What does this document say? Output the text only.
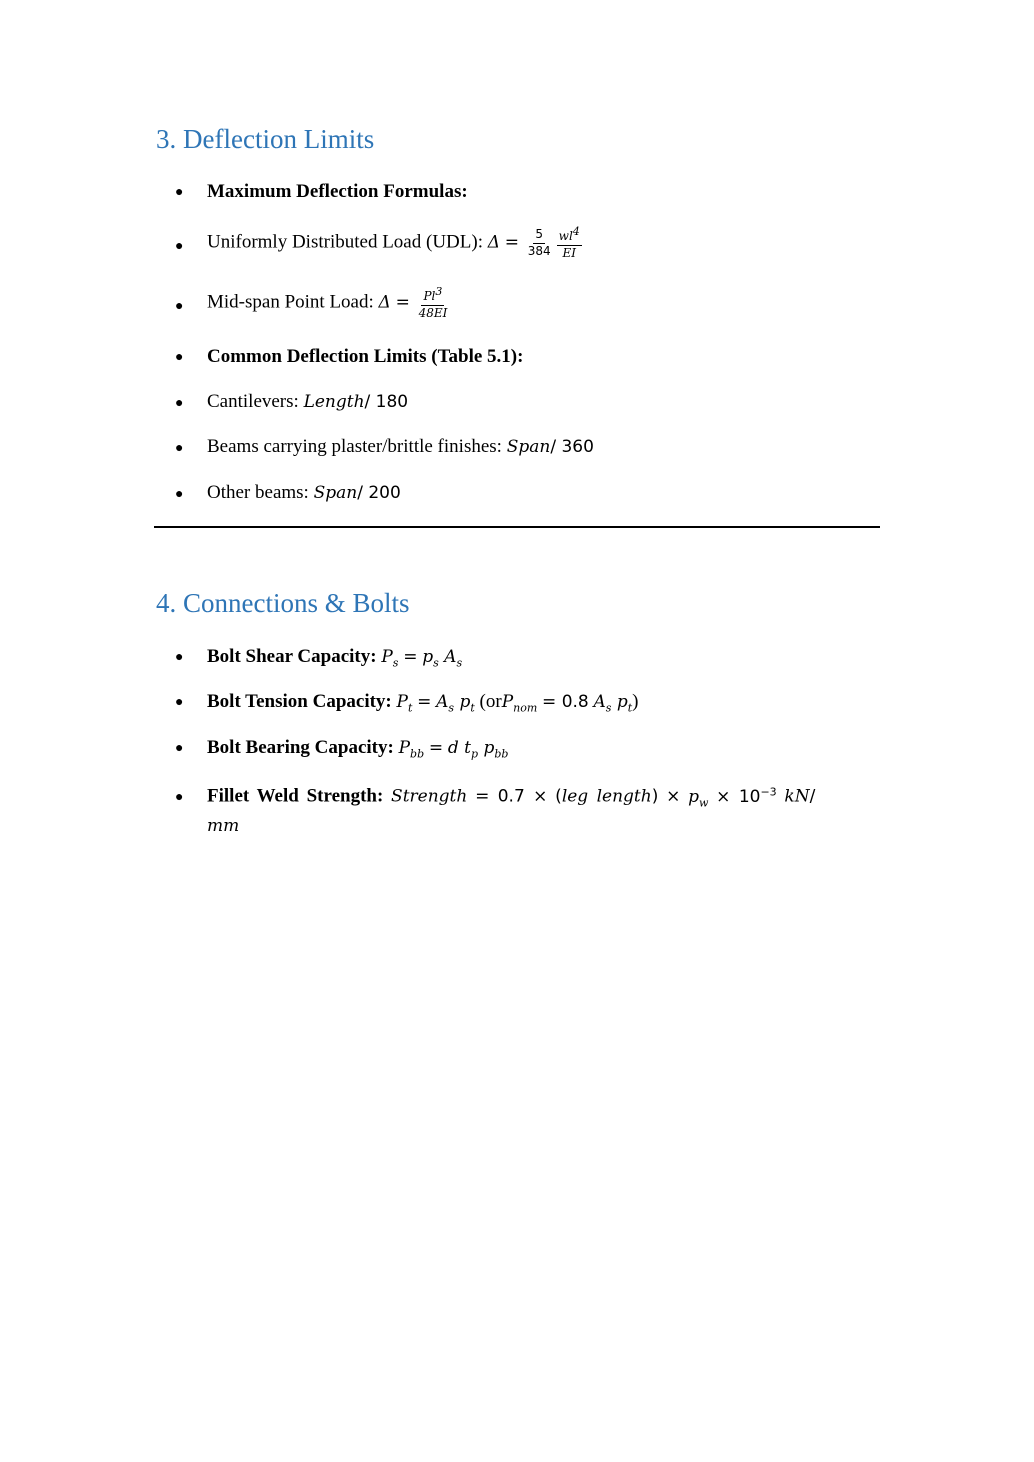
3. Deflection Limits
● Maximum Deflection Formulas:
● Uniformly Distributed Load (UDL): $\Delta = \frac{5}{384} \frac{wl^4}{EI}$
● Mid-span Point Load: $\Delta = \frac{Pl^3}{48EI}$
● Common Deflection Limits (Table 5.1):
● Cantilevers: Length/ 180
● Beams carrying plaster/brittle finishes: Span/ 360
● Other beams: Span/ 200
4. Connections & Bolts
● Bolt Shear Capacity: $P_s = p_s$ $A_s$
● Bolt Tension Capacity: $P_t = A_s$ $p_t$ (orP$_{nom}$ = 0.8 $A_s$ $p_t$)
● Bolt Bearing Capacity: $P_{bb} = d$ $t_p$ $p_{bb}$
● Fillet Weld Strength: Strength = 0.7 × (leg length) × $p_w \times 10^{-3}$ kN/
mm
